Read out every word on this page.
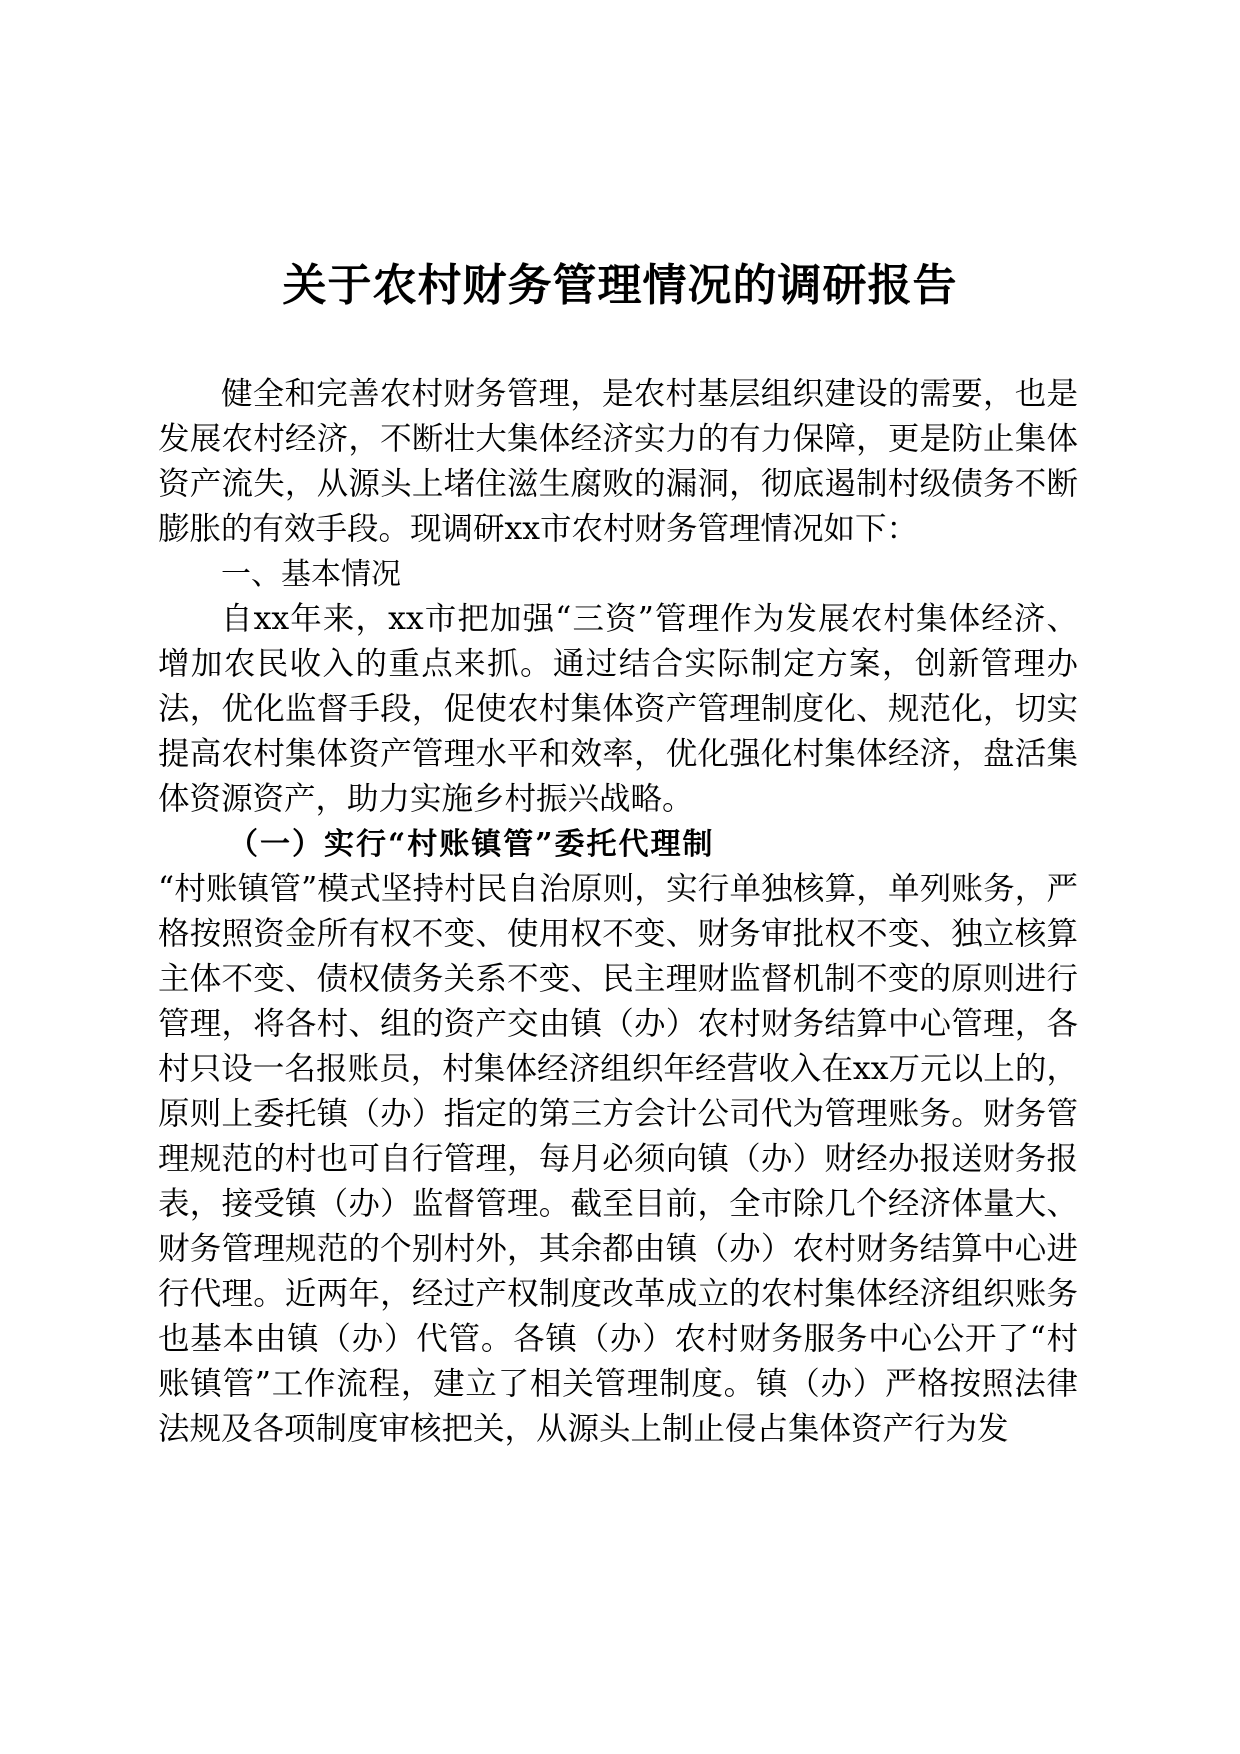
关于农村财务管理情况的调研报告

健全和完善农村财务管理，是农村基层组织建设的需要，也是发展农村经济，不断壮大集体经济实力的有力保障，更是防止集体资产流失，从源头上堵住滋生腐败的漏洞，彻底遏制村级债务不断膨胀的有效手段。现调研xx市农村财务管理情况如下：

一、基本情况

自xx年来，xx市把加强“三资”管理作为发展农村集体经济、增加农民收入的重点来抓。通过结合实际制定方案，创新管理办法，优化监督手段，促使农村集体资产管理制度化、规范化，切实提高农村集体资产管理水平和效率，优化强化村集体经济，盘活集体资源资产，助力实施乡村振兴战略。

（一）实行“村账镇管”委托代理制

“村账镇管”模式坚持村民自治原则，实行单独核算，单列账务，严格按照资金所有权不变、使用权不变、财务审批权不变、独立核算主体不变、债权债务关系不变、民主理财监督机制不变的原则进行管理，将各村、组的资产交由镇（办）农村财务结算中心管理，各村只设一名报账员，村集体经济组织年经营收入在xx万元以上的，原则上委托镇（办）指定的第三方会计公司代为管理账务。财务管理规范的村也可自行管理，每月必须向镇（办）财经办报送财务报表，接受镇（办）监督管理。截至目前，全市除几个经济体量大、财务管理规范的个别村外，其余都由镇（办）农村财务结算中心进行代理。近两年，经过产权制度改革成立的农村集体经济组织账务也基本由镇（办）代管。各镇（办）农村财务服务中心公开了“村账镇管”工作流程，建立了相关管理制度。镇（办）严格按照法律法规及各项制度审核把关，从源头上制止侵占集体资产行为发
